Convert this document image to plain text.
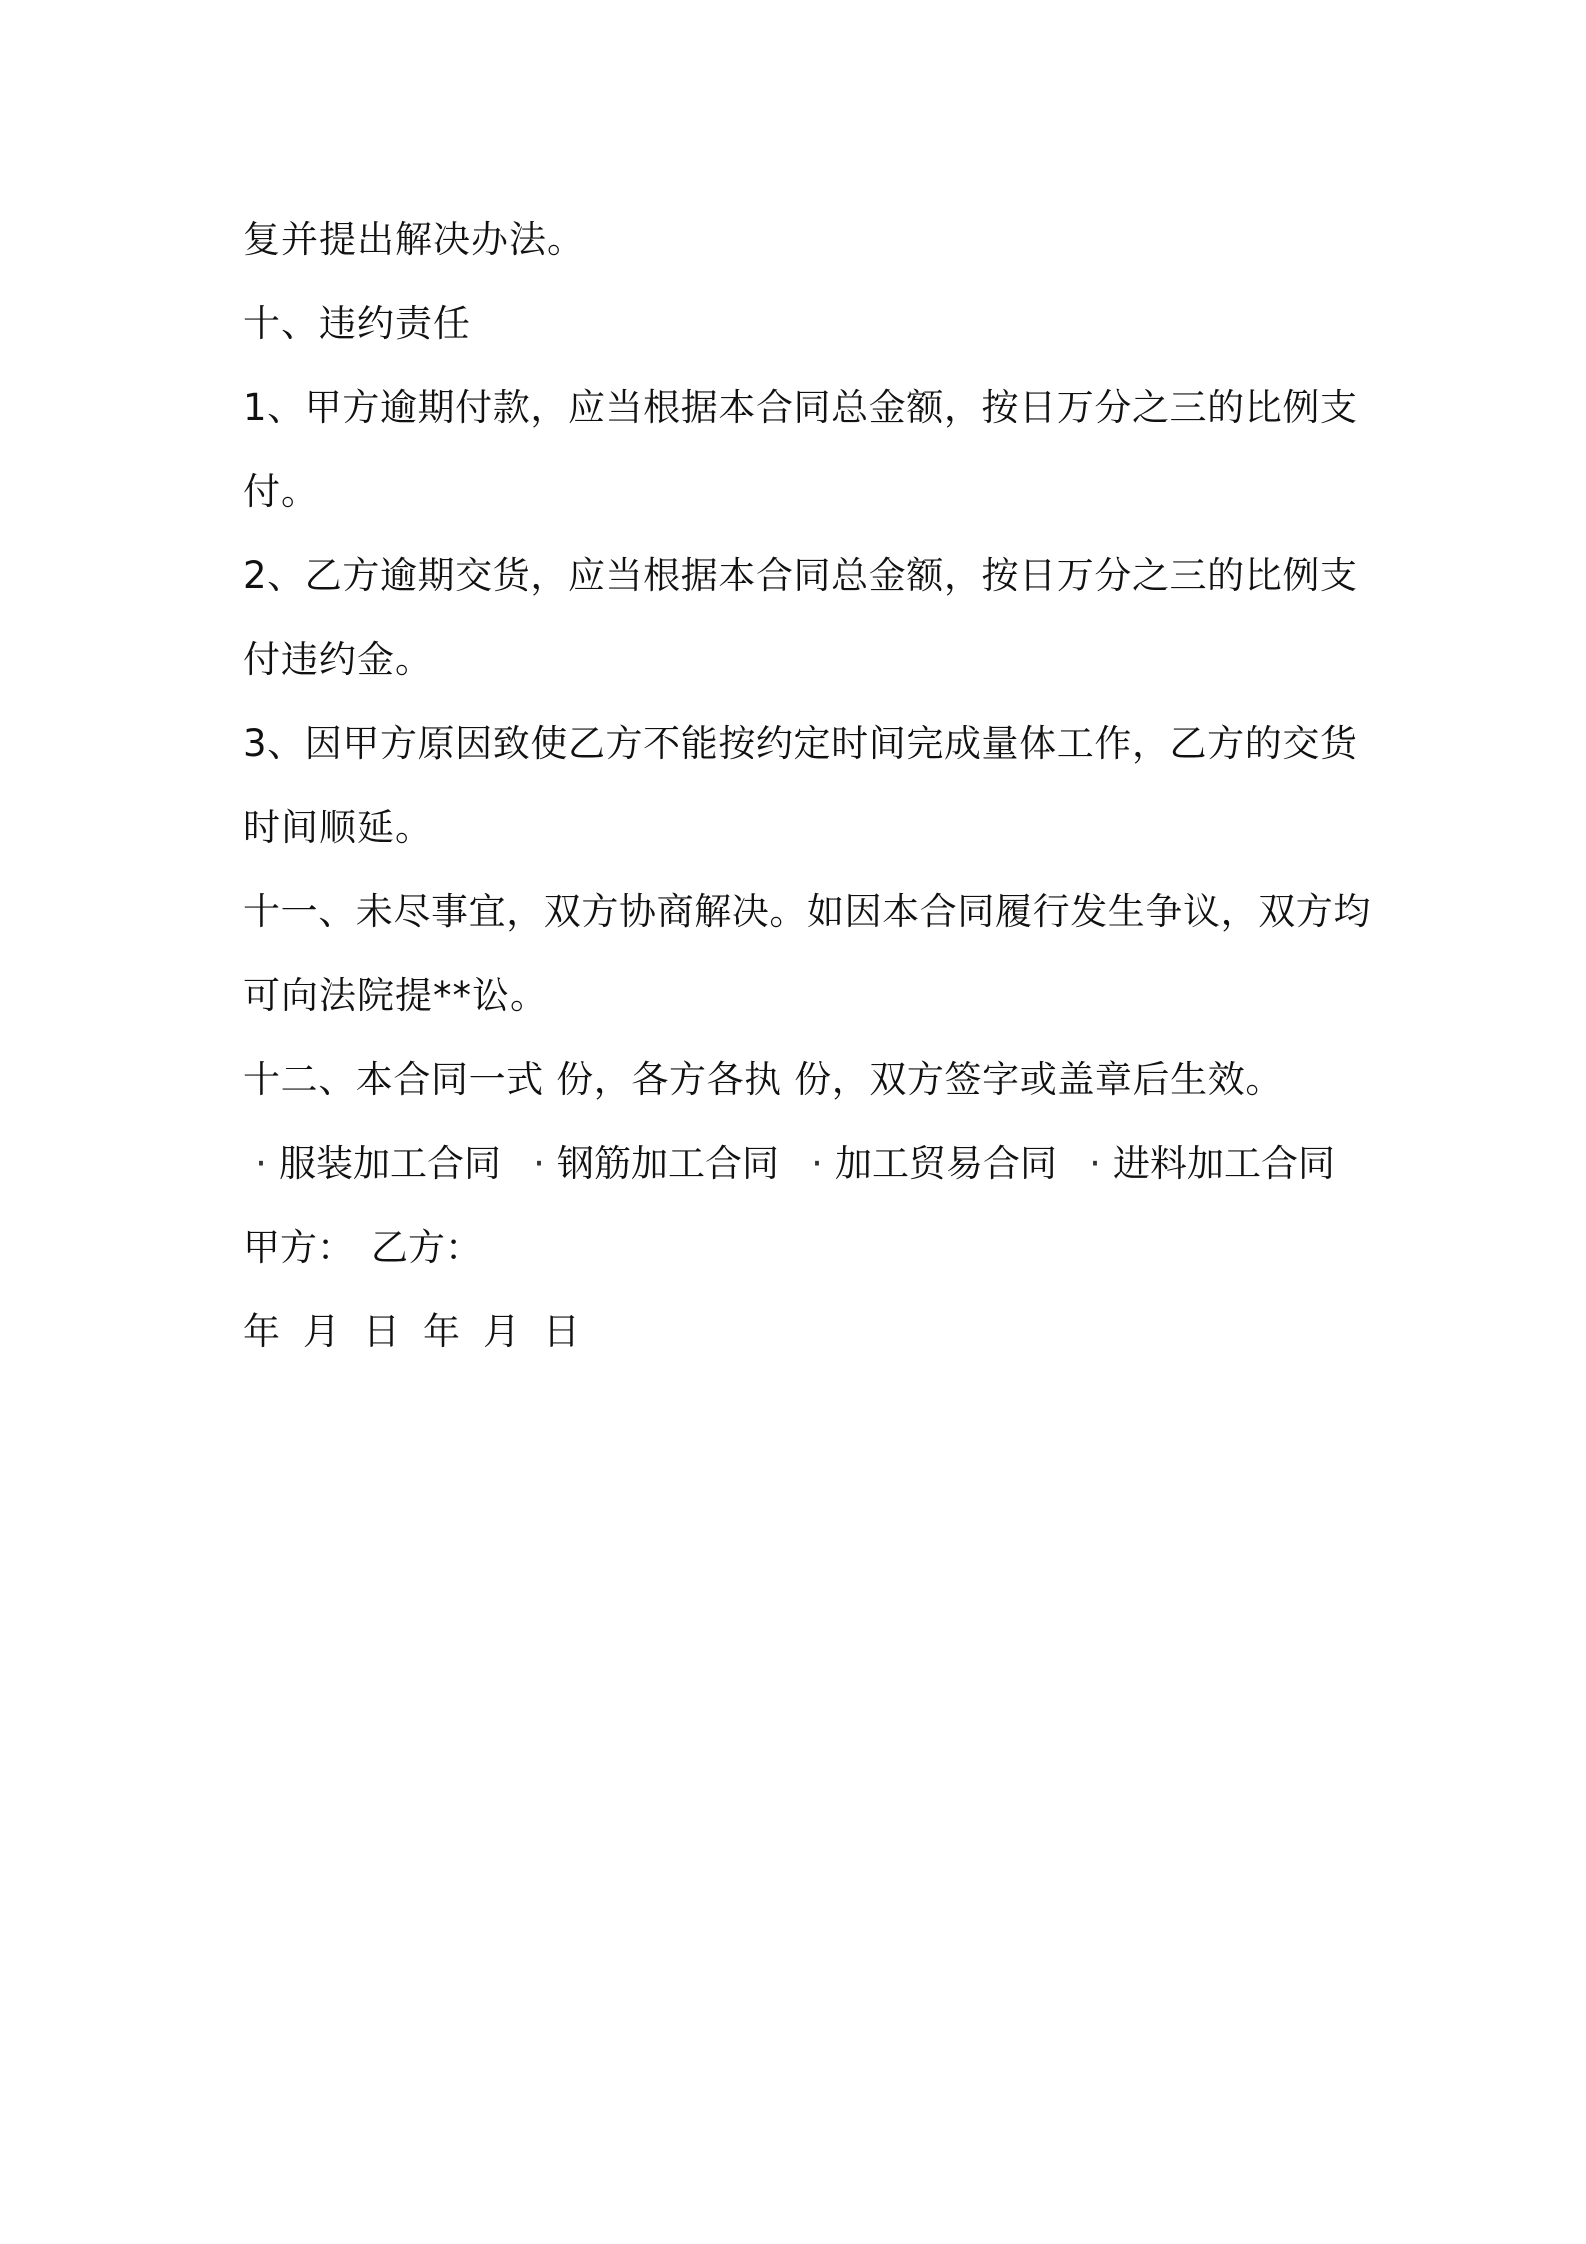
复并提出解决办法。
十、违约责任
1、甲方逾期付款，应当根据本合同总金额，按日万分之三的比例支
付。
2、乙方逾期交货，应当根据本合同总金额，按日万分之三的比例支
付违约金。
3、因甲方原因致使乙方不能按约定时间完成量体工作，乙方的交货
时间顺延。
十一、未尽事宜，双方协商解决。如因本合同履行发生争议，双方均
可向法院提**讼。
十二、本合同一式 份，各方各执 份，双方签字或盖章后生效。
· 服装加工合同 · 钢筋加工合同 · 加工贸易合同 · 进料加工合同
甲方： 乙方：
年 月 日 年 月 日
